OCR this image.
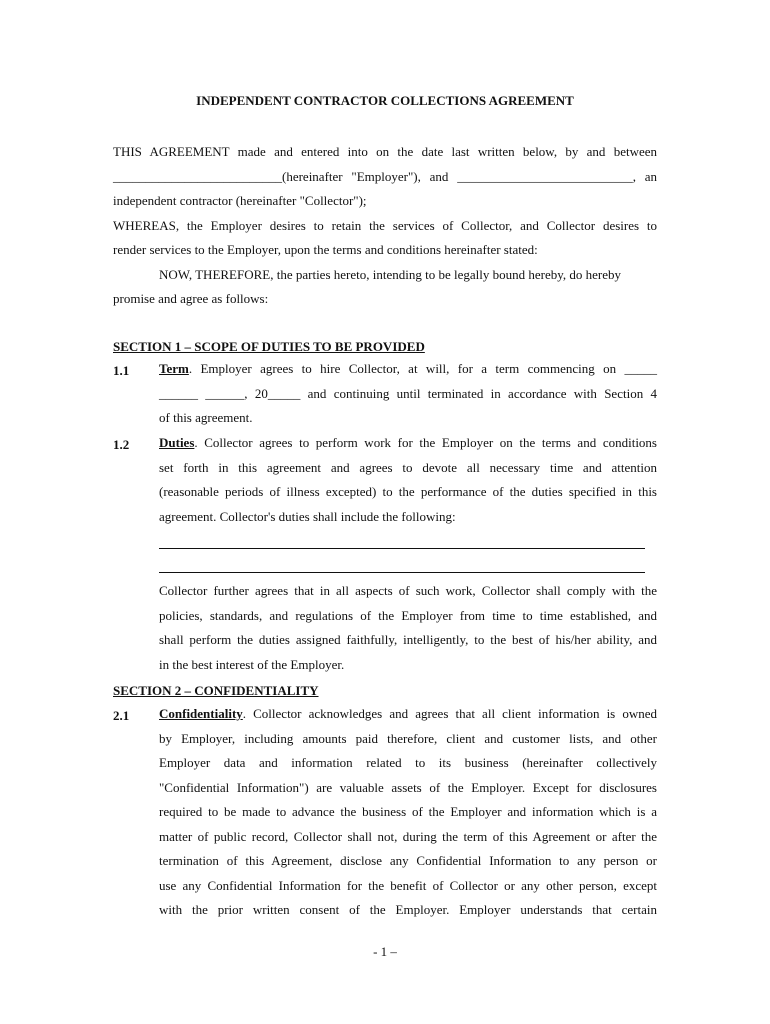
INDEPENDENT CONTRACTOR COLLECTIONS AGREEMENT

THIS AGREEMENT made and entered into on the date last written below, by and between

__________________________(hereinafter "Employer"), and ___________________________, an

independent contractor (hereinafter "Collector");

WHEREAS, the Employer desires to retain the services of Collector, and Collector desires to

render services to the Employer, upon the terms and conditions hereinafter stated:

NOW, THEREFORE, the parties hereto, intending to be legally bound hereby, do hereby

promise and agree as follows:

SECTION 1 – SCOPE OF DUTIES TO BE PROVIDED
1.1 Term. Employer agrees to hire Collector, at will, for a term commencing on _____

______ ______, 20_____ and continuing until terminated in accordance with Section 4

of this agreement.

1.2 Duties. Collector agrees to perform work for the Employer on the terms and conditions

set forth in this agreement and agrees to devote all necessary time and attention

(reasonable periods of illness excepted) to the performance of the duties specified in this

agreement. Collector's duties shall include the following:

Collector further agrees that in all aspects of such work, Collector shall comply with the

policies, standards, and regulations of the Employer from time to time established, and

shall perform the duties assigned faithfully, intelligently, to the best of his/her ability, and

in the best interest of the Employer.

SECTION 2 – CONFIDENTIALITY
2.1 Confidentiality. Collector acknowledges and agrees that all client information is owned

by Employer, including amounts paid therefore, client and customer lists, and other

Employer data and information related to its business (hereinafter collectively

"Confidential Information") are valuable assets of the Employer. Except for disclosures

required to be made to advance the business of the Employer and information which is a

matter of public record, Collector shall not, during the term of this Agreement or after the

termination of this Agreement, disclose any Confidential Information to any person or

use any Confidential Information for the benefit of Collector or any other person, except

with the prior written consent of the Employer. Employer understands that certain

- 1 –
